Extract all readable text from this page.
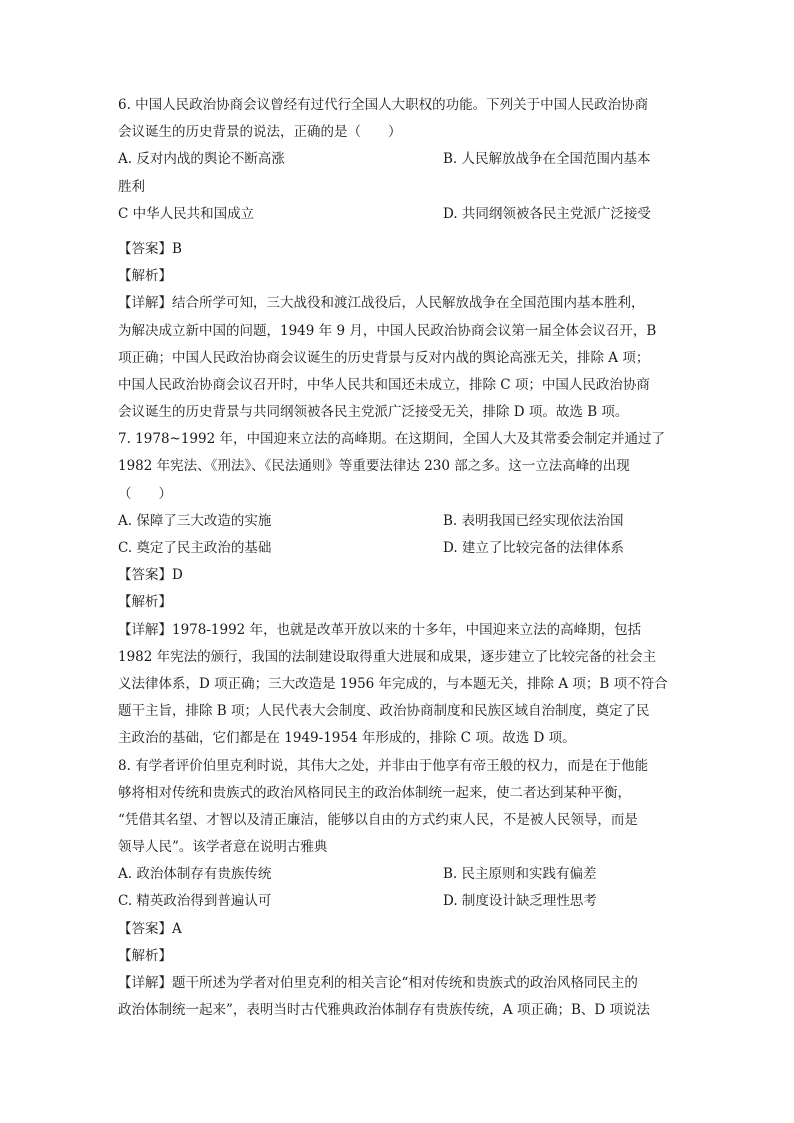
6. 中国人民政治协商会议曾经有过代行全国人大职权的功能。下列关于中国人民政治协商
会议诞生的历史背景的说法，正确的是（　　）
A. 反对内战的舆论不断高涨	B. 人民解放战争在全国范围内基本
胜利
C 中华人民共和国成立	D. 共同纲领被各民主党派广泛接受
【答案】B
【解析】
【详解】结合所学可知，三大战役和渡江战役后，人民解放战争在全国范围内基本胜利，
为解决成立新中国的问题，1949 年 9 月，中国人民政治协商会议第一届全体会议召开，B
项正确；中国人民政治协商会议诞生的历史背景与反对内战的舆论高涨无关，排除 A 项；
中国人民政治协商会议召开时，中华人民共和国还未成立，排除 C 项；中国人民政治协商
会议诞生的历史背景与共同纲领被各民主党派广泛接受无关，排除 D 项。故选 B 项。
7. 1978~1992 年，中国迎来立法的高峰期。在这期间，全国人大及其常委会制定并通过了
1982 年宪法、《刑法》、《民法通则》等重要法律达 230 部之多。这一立法高峰的出现
（　　）
A. 保障了三大改造的实施	B. 表明我国已经实现依法治国
C. 奠定了民主政治的基础	D. 建立了比较完备的法律体系
【答案】D
【解析】
【详解】1978-1992 年，也就是改革开放以来的十多年，中国迎来立法的高峰期，包括
1982 年宪法的颁行，我国的法制建设取得重大进展和成果，逐步建立了比较完备的社会主
义法律体系，D 项正确；三大改造是 1956 年完成的，与本题无关，排除 A 项；B 项不符合
题干主旨，排除 B 项；人民代表大会制度、政治协商制度和民族区域自治制度，奠定了民
主政治的基础，它们都是在 1949-1954 年形成的，排除 C 项。故选 D 项。
8. 有学者评价伯里克利时说，其伟大之处，并非由于他享有帝王般的权力，而是在于他能
够将相对传统和贵族式的政治风格同民主的政治体制统一起来，使二者达到某种平衡，
“凭借其名望、才智以及清正廉洁，能够以自由的方式约束人民，不是被人民领导，而是
领导人民”。该学者意在说明古雅典
A. 政治体制存有贵族传统	B. 民主原则和实践有偏差
C. 精英政治得到普遍认可	D. 制度设计缺乏理性思考
【答案】A
【解析】
【详解】题干所述为学者对伯里克利的相关言论“相对传统和贵族式的政治风格同民主的
政治体制统一起来”，表明当时古代雅典政治体制存有贵族传统，A 项正确；B、D 项说法
